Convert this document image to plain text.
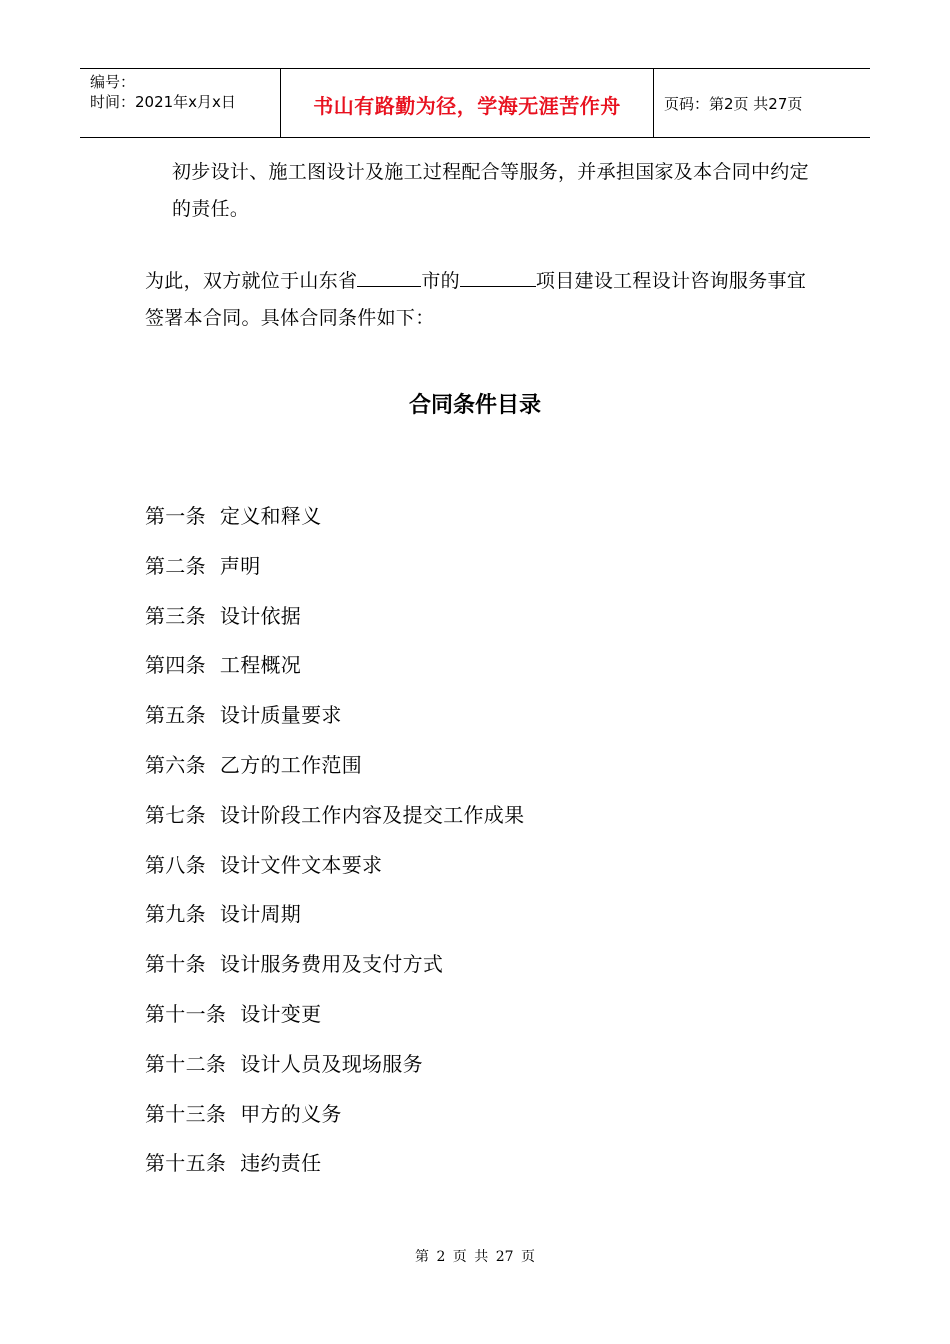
编号：
时间：2021年x月x日	书山有路勤为径，学海无涯苦作舟	页码：第2页 共27页
初步设计、施工图设计及施工过程配合等服务，并承担国家及本合同中约定的责任。
为此，双方就位于山东省	市的	项目建设工程设计咨询服务事宜签署本合同。具体合同条件如下：
合同条件目录
第一条 定义和释义
第二条 声明
第三条 设计依据
第四条 工程概况
第五条 设计质量要求
第六条 乙方的工作范围
第七条 设计阶段工作内容及提交工作成果
第八条 设计文件文本要求
第九条 设计周期
第十条 设计服务费用及支付方式
第十一条 设计变更
第十二条 设计人员及现场服务
第十三条 甲方的义务
第十五条 违约责任
第 2 页 共 27 页
